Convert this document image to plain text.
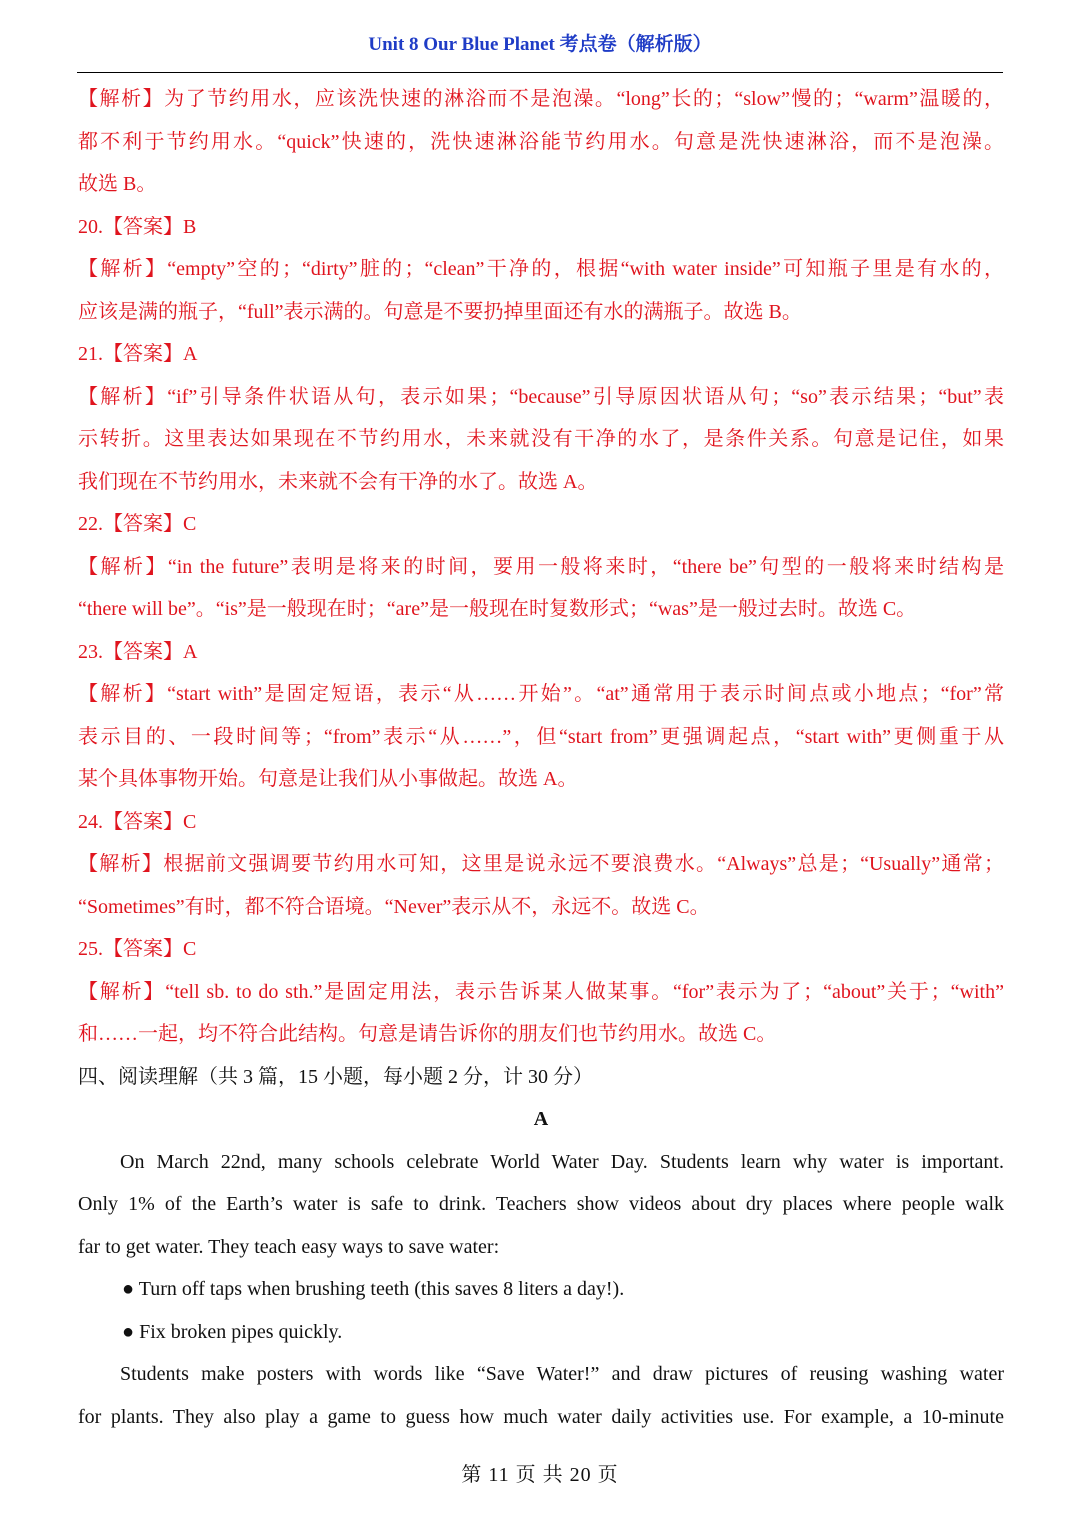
Unit 8 Our Blue Planet 考点卷（解析版）
【解析】为了节约用水，应该洗快速的淋浴而不是泡澡。“long”长的；“slow”慢的；“warm”温暖的，
都不利于节约用水。“quick”快速的，洗快速淋浴能节约用水。句意是洗快速淋浴，而不是泡澡。
故选 B。
20.【答案】B
【解析】“empty”空的；“dirty”脏的；“clean”干净的，根据“with water inside”可知瓶子里是有水的，
应该是满的瓶子，“full”表示满的。句意是不要扔掉里面还有水的满瓶子。故选 B。
21.【答案】A
【解析】“if”引导条件状语从句，表示如果；“because”引导原因状语从句；“so”表示结果；“but”表
示转折。这里表达如果现在不节约用水，未来就没有干净的水了，是条件关系。句意是记住，如果
我们现在不节约用水，未来就不会有干净的水了。故选 A。
22.【答案】C
【解析】“in the future”表明是将来的时间，要用一般将来时，“there be”句型的一般将来时结构是
“there will be”。“is”是一般现在时；“are”是一般现在时复数形式；“was”是一般过去时。故选 C。
23.【答案】A
【解析】“start with”是固定短语，表示“从……开始”。“at”通常用于表示时间点或小地点；“for”常
表示目的、一段时间等；“from”表示“从……”，但“start from”更强调起点，“start with”更侧重于从
某个具体事物开始。句意是让我们从小事做起。故选 A。
24.【答案】C
【解析】根据前文强调要节约用水可知，这里是说永远不要浪费水。“Always”总是；“Usually”通常；
“Sometimes”有时，都不符合语境。“Never”表示从不，永远不。故选 C。
25.【答案】C
【解析】“tell sb. to do sth.”是固定用法，表示告诉某人做某事。“for”表示为了；“about”关于；“with”
和……一起，均不符合此结构。句意是请告诉你的朋友们也节约用水。故选 C。
四、阅读理解（共 3 篇，15 小题，每小题 2 分，计 30 分）
A
On March 22nd, many schools celebrate World Water Day. Students learn why water is important.
Only 1% of the Earth’s water is safe to drink. Teachers show videos about dry places where people walk
far to get water. They teach easy ways to save water:
● Turn off taps when brushing teeth (this saves 8 liters a day!).
● Fix broken pipes quickly.
Students make posters with words like “Save Water!” and draw pictures of reusing washing water
for plants. They also play a game to guess how much water daily activities use. For example, a 10-minute
第 11 页 共 20 页
